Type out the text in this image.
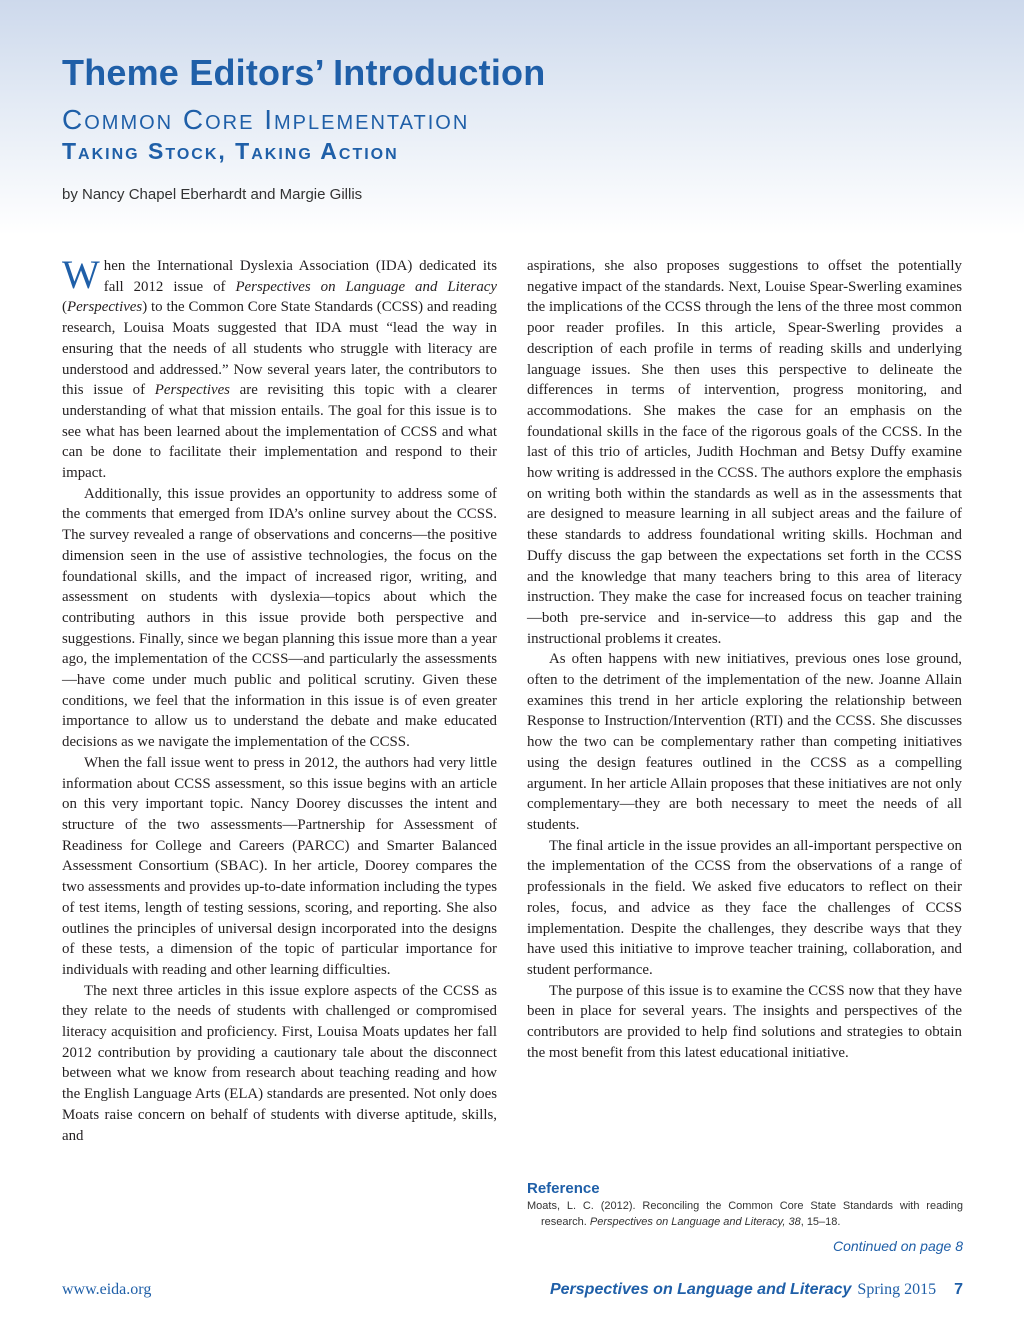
Theme Editors’ Introduction
Common Core Implementation
Taking Stock, Taking Action
by Nancy Chapel Eberhardt and Margie Gillis

When the International Dyslexia Association (IDA) dedicated its fall 2012 issue of Perspectives on Language and Literacy (Perspectives) to the Common Core State Standards (CCSS) and reading research, Louisa Moats suggested that IDA must “lead the way in ensuring that the needs of all students who struggle with literacy are understood and addressed.” Now several years later, the contributors to this issue of Perspectives are revisiting this topic with a clearer understanding of what that mission entails. The goal for this issue is to see what has been learned about the implementation of CCSS and what can be done to facilitate their implementation and respond to their impact.

Additionally, this issue provides an opportunity to address some of the comments that emerged from IDA’s online survey about the CCSS. The survey revealed a range of observations and concerns—the positive dimension seen in the use of assistive technologies, the focus on the foundational skills, and the impact of increased rigor, writing, and assessment on students with dyslexia—topics about which the contributing authors in this issue provide both perspective and suggestions. Finally, since we began planning this issue more than a year ago, the implementation of the CCSS—and particularly the assessments—have come under much public and political scrutiny. Given these conditions, we feel that the information in this issue is of even greater importance to allow us to understand the debate and make educated decisions as we navigate the implementation of the CCSS.

When the fall issue went to press in 2012, the authors had very little information about CCSS assessment, so this issue begins with an article on this very important topic. Nancy Doorey discusses the intent and structure of the two assessments—Partnership for Assessment of Readiness for College and Careers (PARCC) and Smarter Balanced Assessment Consortium (SBAC). In her article, Doorey compares the two assessments and provides up-to-date information including the types of test items, length of testing sessions, scoring, and reporting. She also outlines the principles of universal design incorporated into the designs of these tests, a dimension of the topic of particular importance for individuals with reading and other learning difficulties.

The next three articles in this issue explore aspects of the CCSS as they relate to the needs of students with challenged or compromised literacy acquisition and proficiency. First, Louisa Moats updates her fall 2012 contribution by providing a cautionary tale about the disconnect between what we know from research about teaching reading and how the English Language Arts (ELA) standards are presented. Not only does Moats raise concern on behalf of students with diverse aptitude, skills, and

aspirations, she also proposes suggestions to offset the potentially negative impact of the standards. Next, Louise Spear-Swerling examines the implications of the CCSS through the lens of the three most common poor reader profiles. In this article, Spear-Swerling provides a description of each profile in terms of reading skills and underlying language issues. She then uses this perspective to delineate the differences in terms of intervention, progress monitoring, and accommodations. She makes the case for an emphasis on the foundational skills in the face of the rigorous goals of the CCSS. In the last of this trio of articles, Judith Hochman and Betsy Duffy examine how writing is addressed in the CCSS. The authors explore the emphasis on writing both within the standards as well as in the assessments that are designed to measure learning in all subject areas and the failure of these standards to address foundational writing skills. Hochman and Duffy discuss the gap between the expectations set forth in the CCSS and the knowledge that many teachers bring to this area of literacy instruction. They make the case for increased focus on teacher training—both pre-service and in-service—to address this gap and the instructional problems it creates.

As often happens with new initiatives, previous ones lose ground, often to the detriment of the implementation of the new. Joanne Allain examines this trend in her article exploring the relationship between Response to Instruction/Intervention (RTI) and the CCSS. She discusses how the two can be complementary rather than competing initiatives using the design features outlined in the CCSS as a compelling argument. In her article Allain proposes that these initiatives are not only complementary—they are both necessary to meet the needs of all students.

The final article in the issue provides an all-important perspective on the implementation of the CCSS from the observations of a range of professionals in the field. We asked five educators to reflect on their roles, focus, and advice as they face the challenges of CCSS implementation. Despite the challenges, they describe ways that they have used this initiative to improve teacher training, collaboration, and student performance.

The purpose of this issue is to examine the CCSS now that they have been in place for several years. The insights and perspectives of the contributors are provided to help find solutions and strategies to obtain the most benefit from this latest educational initiative.

Reference
Moats, L. C. (2012). Reconciling the Common Core State Standards with reading research. Perspectives on Language and Literacy, 38, 15–18.
Continued on page 8
www.eida.org	Perspectives on Language and Literacy Spring 2015 7
